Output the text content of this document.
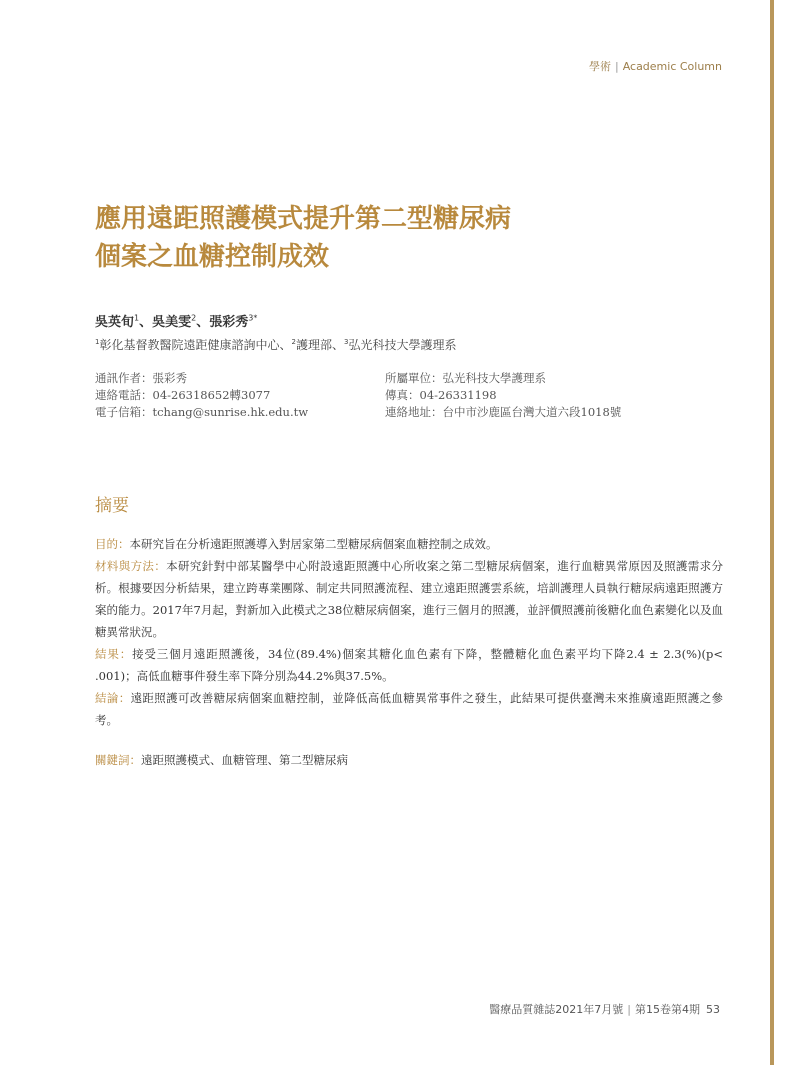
學術 | Academic Column
應用遠距照護模式提升第二型糖尿病
個案之血糖控制成效
吳英旬$^1$、吳美雯$^2$、張彩秀$^{3*}$
$^1$彰化基督教醫院遠距健康諮詢中心、$^2$護理部、$^3$弘光科技大學護理系
通訊作者：張彩秀	所屬單位：弘光科技大學護理系
連絡電話：04-26318652轉3077	傳真：04-26331198
電子信箱：tchang@sunrise.hk.edu.tw	連絡地址：台中市沙鹿區台灣大道六段1018號
摘要

目的：本研究旨在分析遠距照護導入對居家第二型糖尿病個案血糖控制之成效。

材料與方法：本研究針對中部某醫學中心附設遠距照護中心所收案之第二型糖尿病個案，進行血糖異常原因及照護需求分析。根據要因分析結果，建立跨專業團隊、制定共同照護流程、建立遠距照護雲系統，培訓護理人員執行糖尿病遠距照護方案的能力。2017年7月起，對新加入此模式之38位糖尿病個案，進行三個月的照護，並評價照護前後糖化血色素變化以及血糖異常狀況。

結果：接受三個月遠距照護後，34位(89.4%)個案其糖化血色素有下降，整體糖化血色素平均下降2.4 ± 2.3(%)(p< .001)；高低血糖事件發生率下降分別為44.2%與37.5%。

結論：遠距照護可改善糖尿病個案血糖控制，並降低高低血糖異常事件之發生，此結果可提供臺灣未來推廣遠距照護之參考。

關鍵詞：遠距照護模式、血糖管理、第二型糖尿病

醫療品質雜誌2021年7月號 | 第15卷第4期 53
